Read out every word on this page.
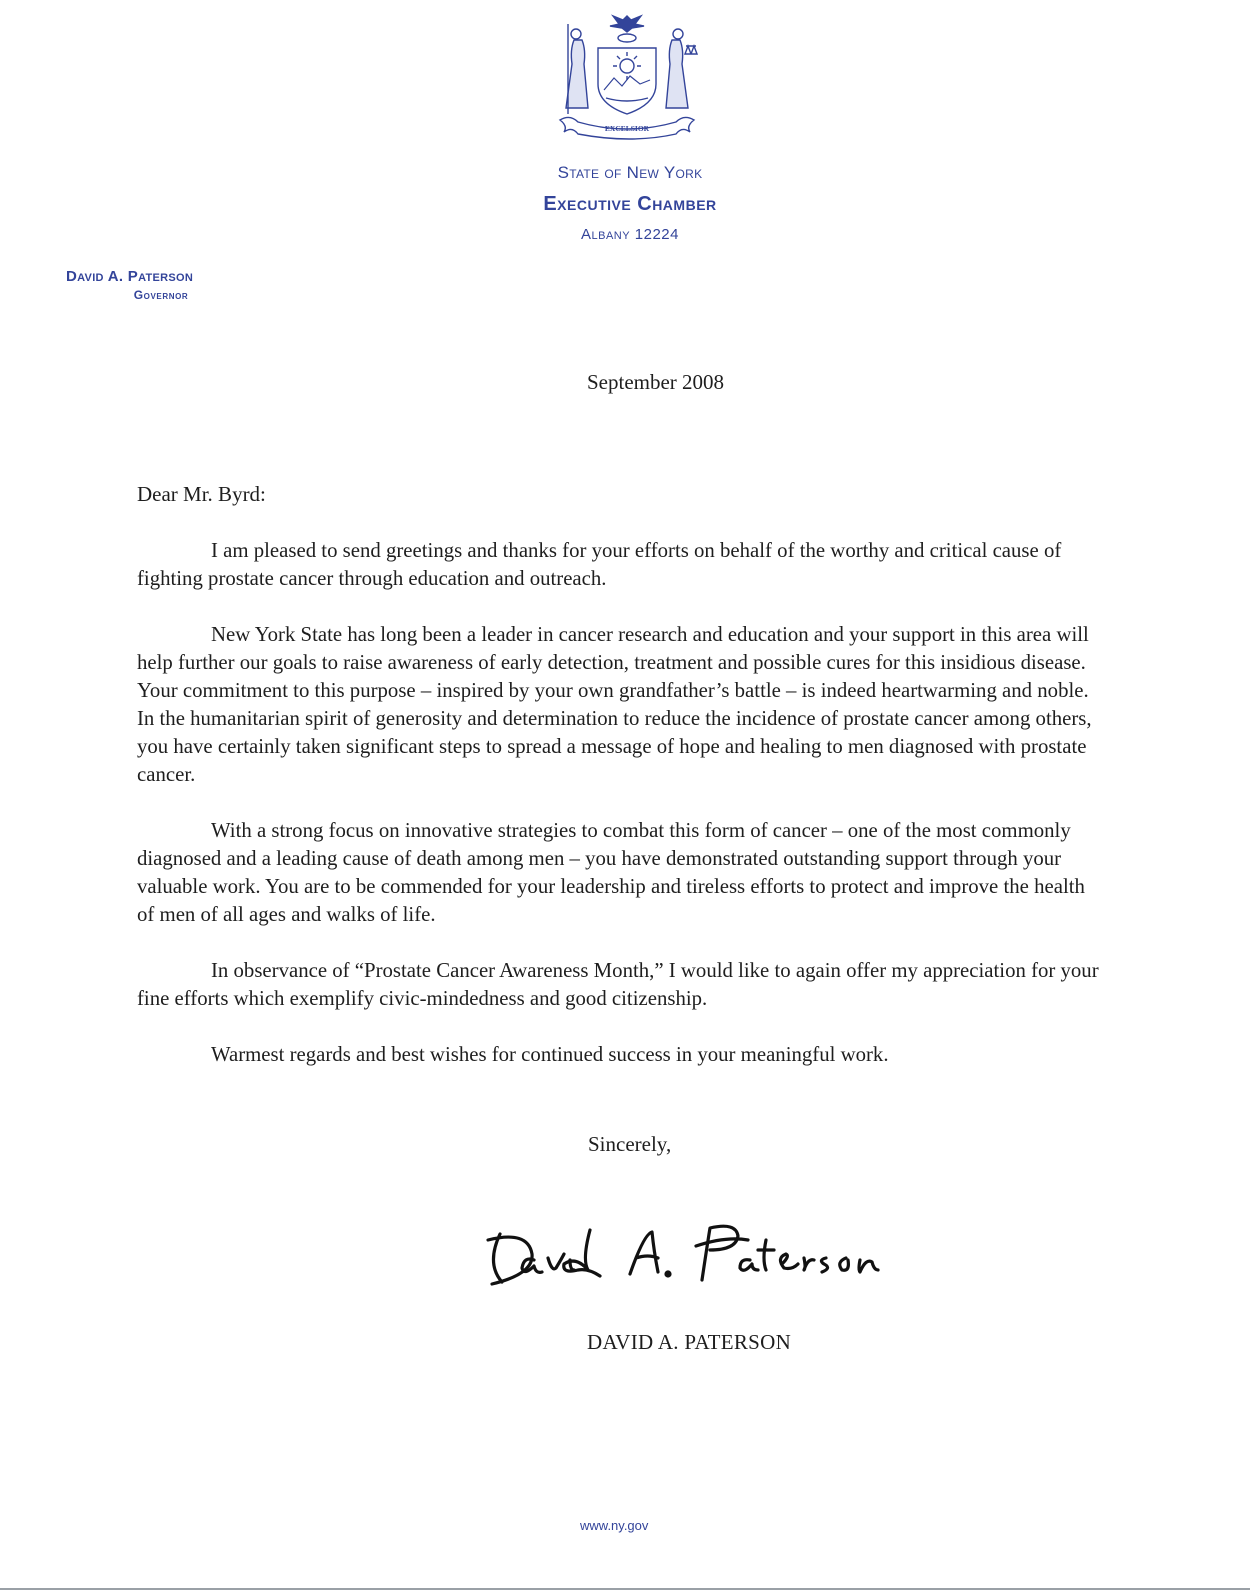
EXCELSIOR
State of New York
Executive Chamber
Albany 12224
David A. Paterson
Governor
September 2008
Dear Mr. Byrd:

I am pleased to send greetings and thanks for your efforts on behalf of the worthy and critical cause of fighting prostate cancer through education and outreach.

New York State has long been a leader in cancer research and education and your support in this area will help further our goals to raise awareness of early detection, treatment and possible cures for this insidious disease. Your commitment to this purpose – inspired by your own grandfather’s battle – is indeed heartwarming and noble. In the humanitarian spirit of generosity and determination to reduce the incidence of prostate cancer among others, you have certainly taken significant steps to spread a message of hope and healing to men diagnosed with prostate cancer.

With a strong focus on innovative strategies to combat this form of cancer – one of the most commonly diagnosed and a leading cause of death among men – you have demonstrated outstanding support through your valuable work. You are to be commended for your leadership and tireless efforts to protect and improve the health of men of all ages and walks of life.

In observance of “Prostate Cancer Awareness Month,” I would like to again offer my appreciation for your fine efforts which exemplify civic-mindedness and good citizenship.

Warmest regards and best wishes for continued success in your meaningful work.

Sincerely,
DAVID A. PATERSON
www.ny.gov
